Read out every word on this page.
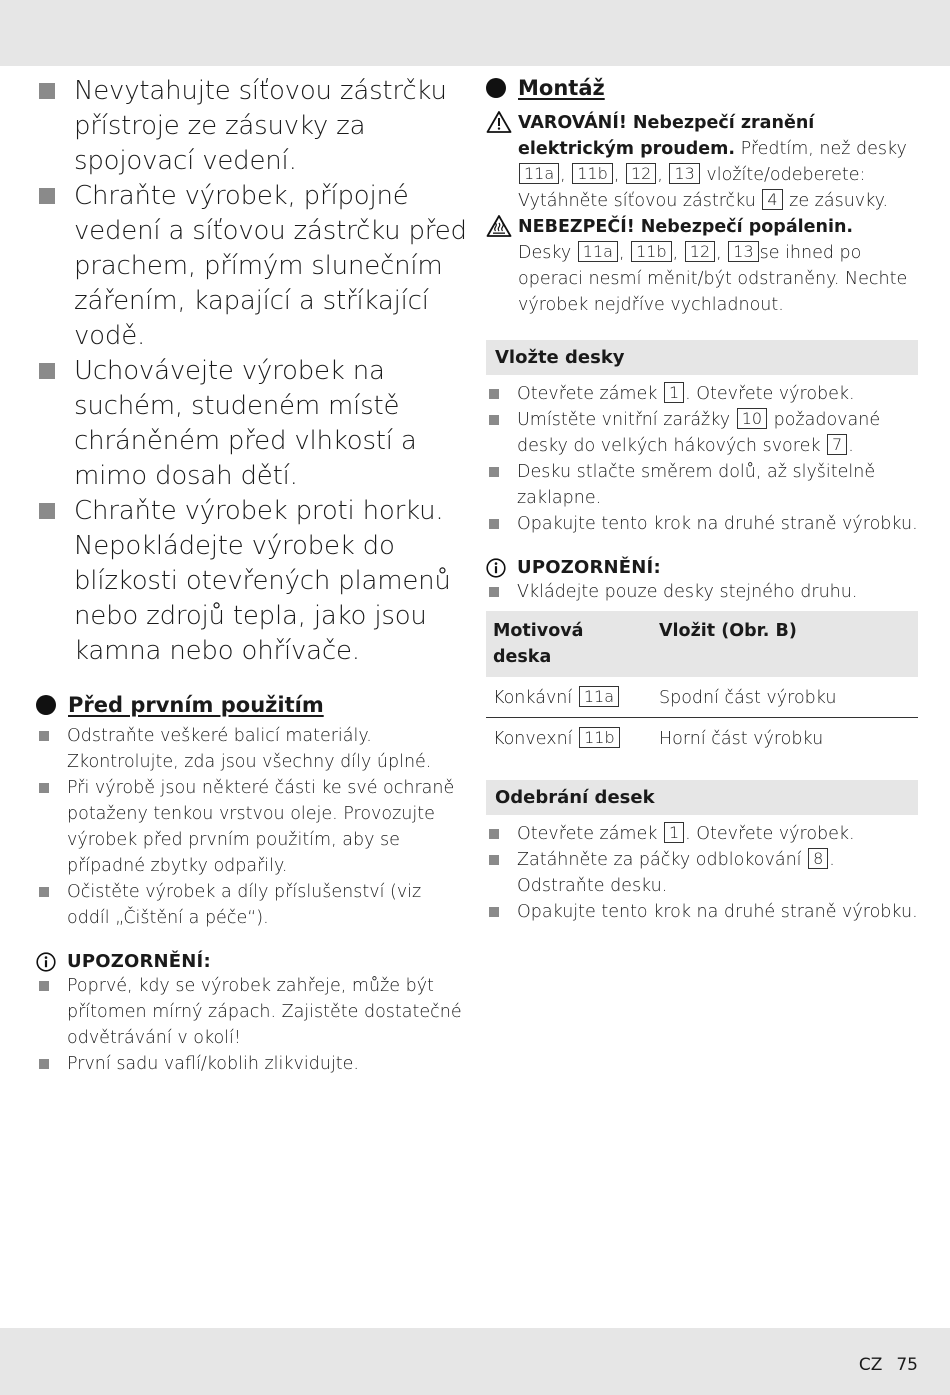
Nevytahujte síťovou zástrčku přístroje ze zásuvky za spojovací vedení.
Chraňte výrobek, přípojné vedení a síťovou zástrčku před prachem, přímým slunečním zářením, kapající a stříkající vodě.
Uchovávejte výrobek na suchém, studeném místě chráněném před vlhkostí a mimo dosah dětí.
Chraňte výrobek proti horku. Nepokládejte výrobek do blízkosti otevřených plamenů nebo zdrojů tepla, jako jsou kamna nebo ohřívače.
Před prvním použitím
Odstraňte veškeré balicí materiály. Zkontrolujte, zda jsou všechny díly úplné.
Při výrobě jsou některé části ke své ochraně potaženy tenkou vrstvou oleje. Provozujte výrobek před prvním použitím, aby se případné zbytky odpařily.
Očistěte výrobek a díly příslušenství (viz oddíl „Čištění a péče“).
UPOZORNĚNÍ:
Poprvé, kdy se výrobek zahřeje, může být přítomen mírný zápach. Zajistěte dostatečné odvětrávání v okolí!
První sadu vaflí/koblih zlikvidujte.
Montáž
VAROVÁNÍ! Nebezpečí zranění elektrickým proudem. Předtím, než desky 11a , 11b , 12 , 13 vložíte/odeberete: Vytáhněte síťovou zástrčku 4 ze zásuvky.
NEBEZPEČÍ! Nebezpečí popálenin.
Desky 11a , 11b , 12 , 13 se ihned po operaci nesmí měnit/být odstraněny. Nechte výrobek nejdříve vychladnout.
Vložte desky
Otevřete zámek 1 . Otevřete výrobek.
Umístěte vnitřní zarážky 10 požadované desky do velkých hákových svorek 7 .
Desku stlačte směrem dolů, až slyšitelně zaklapne.
Opakujte tento krok na druhé straně výrobku.
UPOZORNĚNÍ:
Vkládejte pouze desky stejného druhu.
Motivová deska	Vložit (Obr. B)
Konkávní 11a	Spodní část výrobku
Konvexní 11b	Horní část výrobku
Odebrání desek
Otevřete zámek 1 . Otevřete výrobek.
Zatáhněte za páčky odblokování 8 . Odstraňte desku.
Opakujte tento krok na druhé straně výrobku.
CZ 75
